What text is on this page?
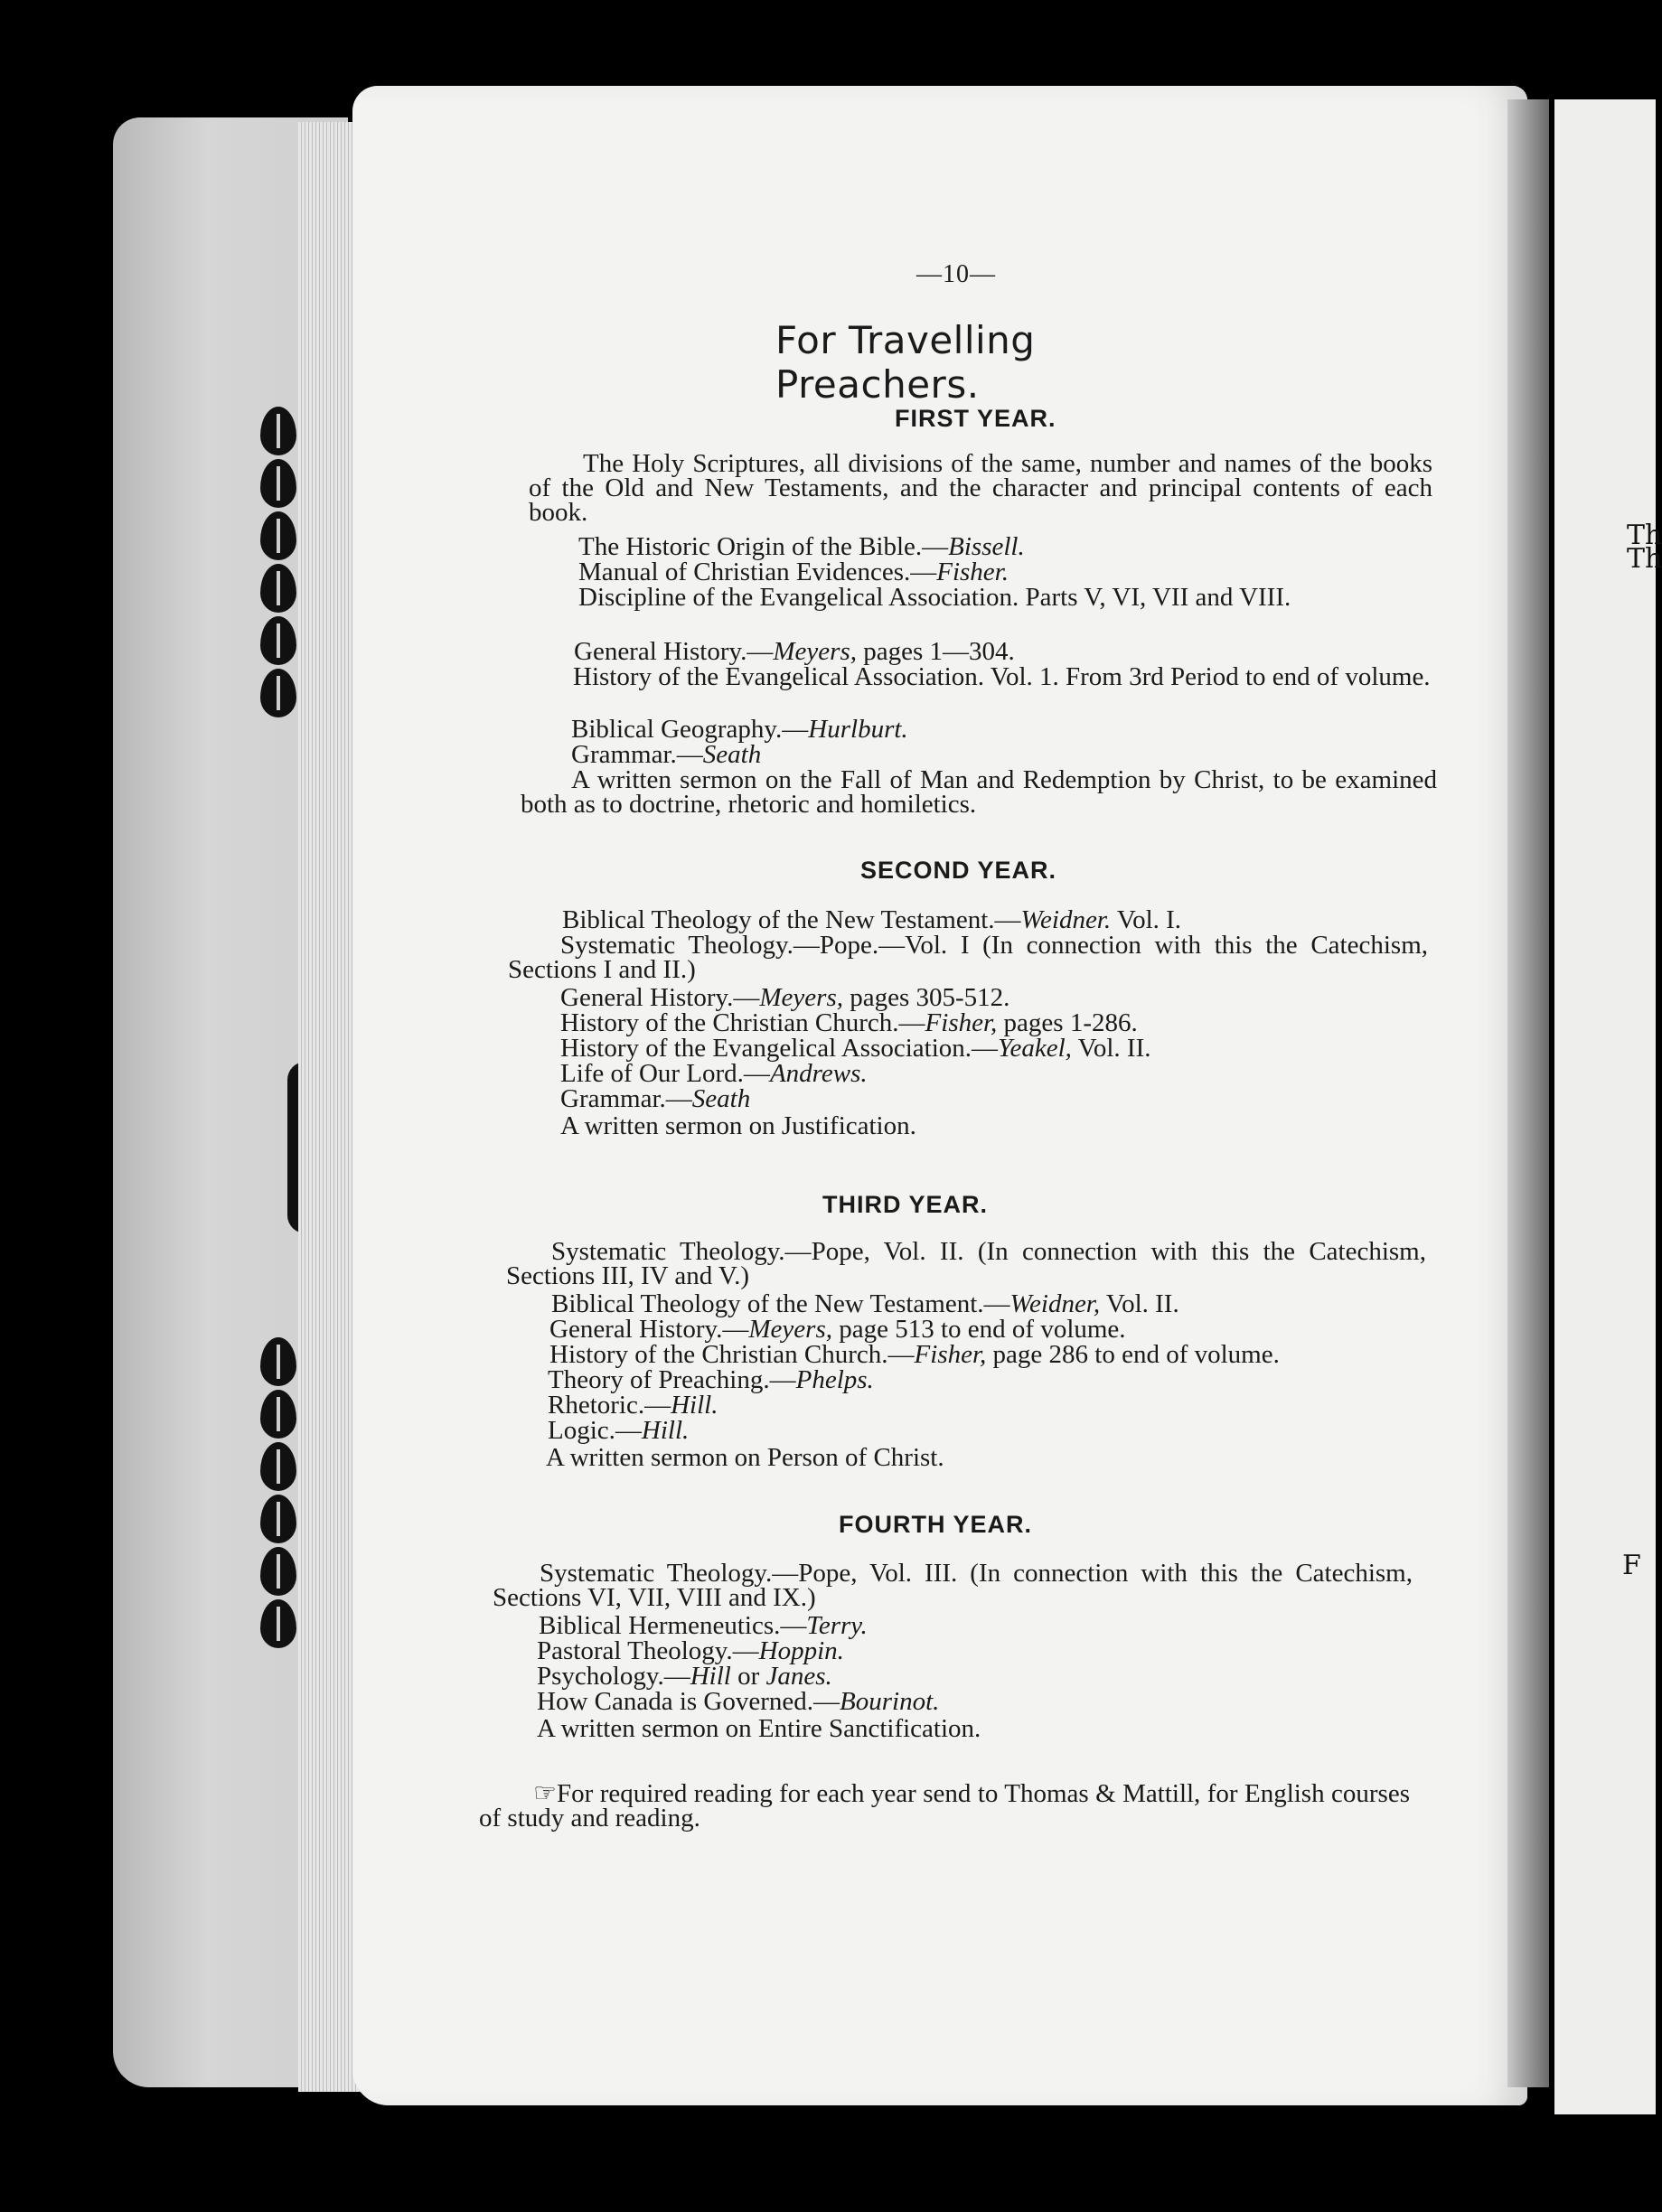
Th
Th
F
—10—
For Travelling Preachers.
FIRST YEAR.
The Holy Scriptures, all divisions of the same, number and names of the books of the Old and New Testaments, and the character and principal contents of each book.
The Historic Origin of the Bible.—Bissell.
Manual of Christian Evidences.—Fisher.
Discipline of the Evangelical Association. Parts V, VI, VII and VIII.
General History.—Meyers, pages 1—304.
History of the Evangelical Association. Vol. 1. From 3rd Period to end of volume.
Biblical Geography.—Hurlburt.
Grammar.—Seath
A written sermon on the Fall of Man and Redemption by Christ, to be examined both as to doctrine, rhetoric and homiletics.
SECOND YEAR.
Biblical Theology of the New Testament.—Weidner. Vol. I.
Systematic Theology.—Pope.—Vol. I (In connection with this the Catechism, Sections I and II.)
General History.—Meyers, pages 305-512.
History of the Christian Church.—Fisher, pages 1-286.
History of the Evangelical Association.—Yeakel, Vol. II.
Life of Our Lord.—Andrews.
Grammar.—Seath
A written sermon on Justification.
THIRD YEAR.
Systematic Theology.—Pope, Vol. II. (In connection with this the Catechism, Sections III, IV and V.)
Biblical Theology of the New Testament.—Weidner, Vol. II.
General History.—Meyers, page 513 to end of volume.
History of the Christian Church.—Fisher, page 286 to end of volume.
Theory of Preaching.—Phelps.
Rhetoric.—Hill.
Logic.—Hill.
A written sermon on Person of Christ.
FOURTH YEAR.
Systematic Theology.—Pope, Vol. III. (In connection with this the Catechism, Sections VI, VII, VIII and IX.)
Biblical Hermeneutics.—Terry.
Pastoral Theology.—Hoppin.
Psychology.—Hill or Janes.
How Canada is Governed.—Bourinot.
A written sermon on Entire Sanctification.
☞For required reading for each year send to Thomas & Mattill, for English courses of study and reading.
